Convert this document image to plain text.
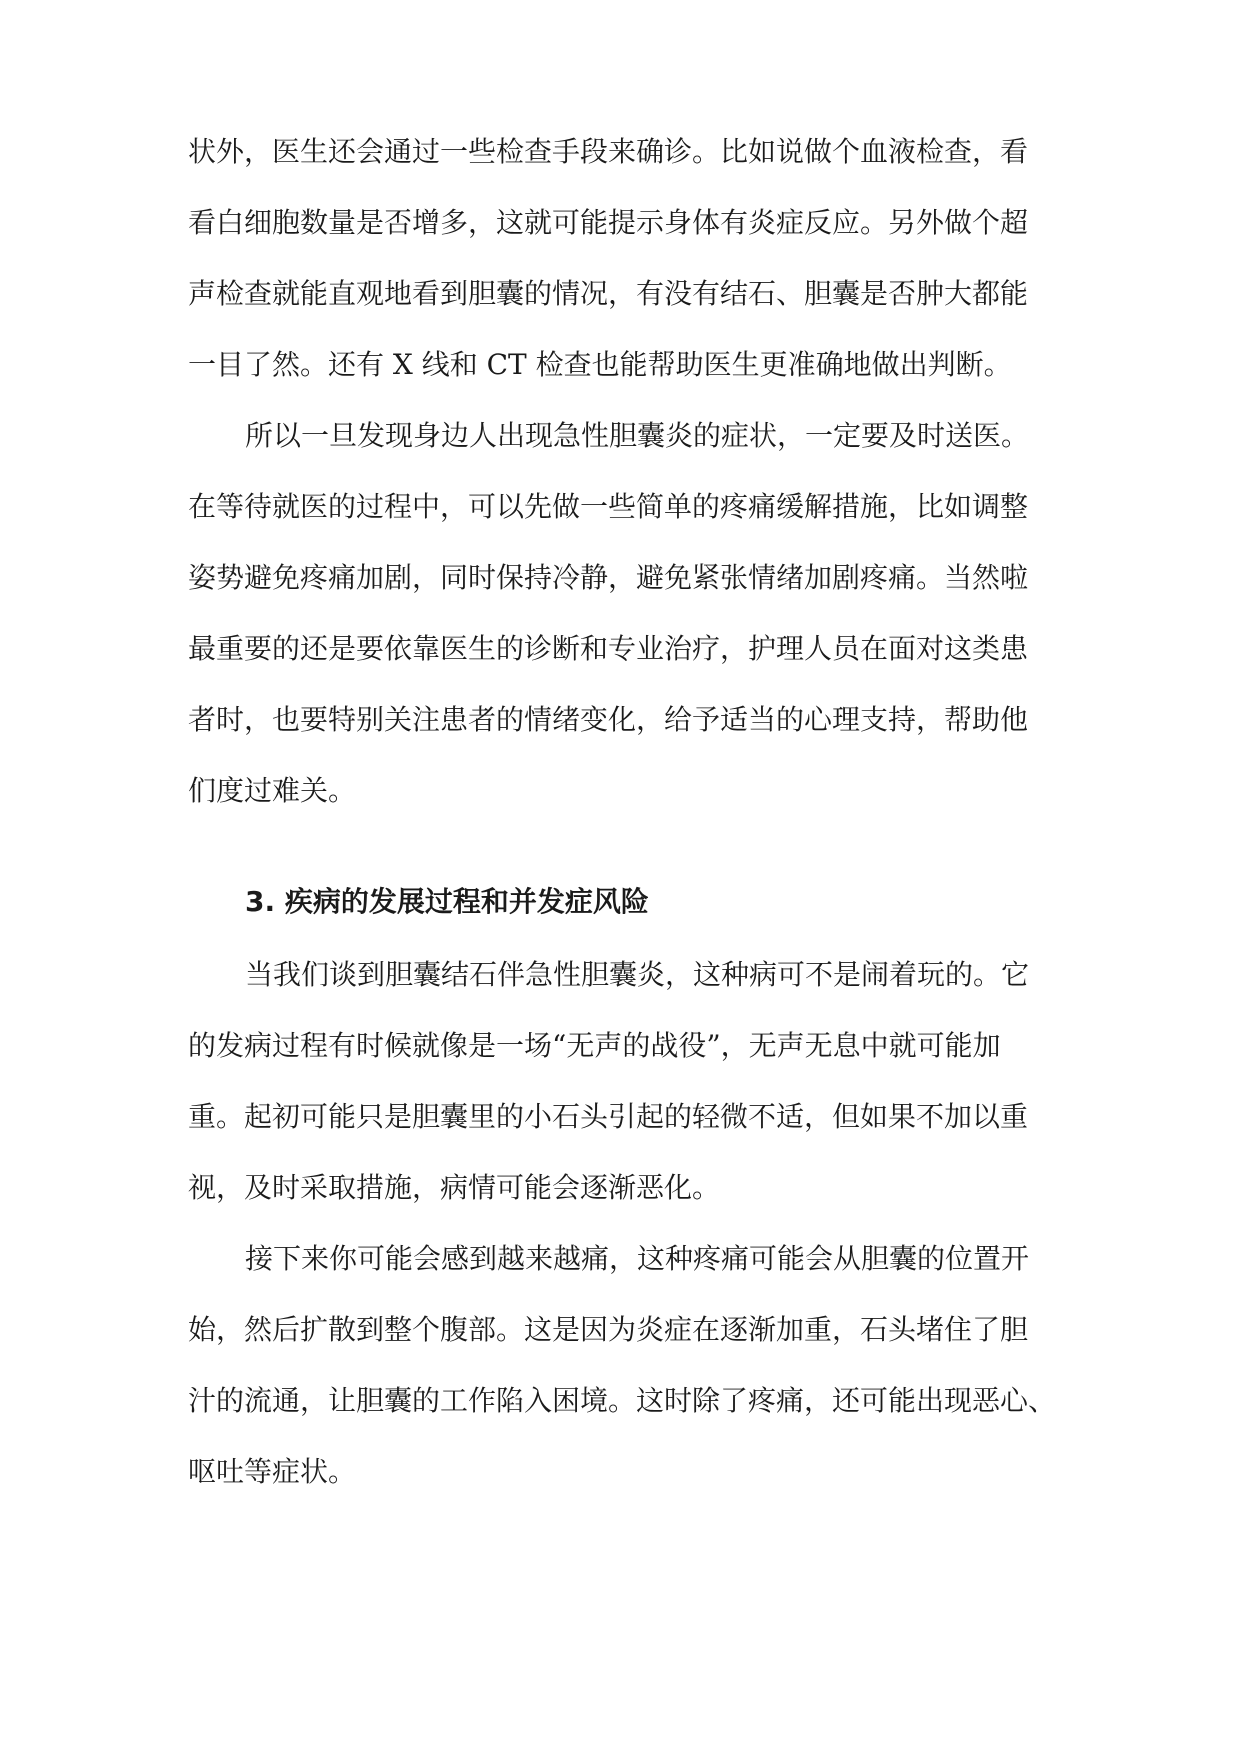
状外，医生还会通过一些检查手段来确诊。比如说做个血液检查，看
看白细胞数量是否增多，这就可能提示身体有炎症反应。另外做个超
声检查就能直观地看到胆囊的情况，有没有结石、胆囊是否肿大都能
一目了然。还有 X 线和 CT 检查也能帮助医生更准确地做出判断。
所以一旦发现身边人出现急性胆囊炎的症状，一定要及时送医。
在等待就医的过程中，可以先做一些简单的疼痛缓解措施，比如调整
姿势避免疼痛加剧，同时保持冷静，避免紧张情绪加剧疼痛。当然啦
最重要的还是要依靠医生的诊断和专业治疗，护理人员在面对这类患
者时，也要特别关注患者的情绪变化，给予适当的心理支持，帮助他
们度过难关。
3. 疾病的发展过程和并发症风险
当我们谈到胆囊结石伴急性胆囊炎，这种病可不是闹着玩的。它
的发病过程有时候就像是一场“无声的战役”，无声无息中就可能加
重。起初可能只是胆囊里的小石头引起的轻微不适，但如果不加以重
视，及时采取措施，病情可能会逐渐恶化。
接下来你可能会感到越来越痛，这种疼痛可能会从胆囊的位置开
始，然后扩散到整个腹部。这是因为炎症在逐渐加重，石头堵住了胆
汁的流通，让胆囊的工作陷入困境。这时除了疼痛，还可能出现恶心、
呕吐等症状。
